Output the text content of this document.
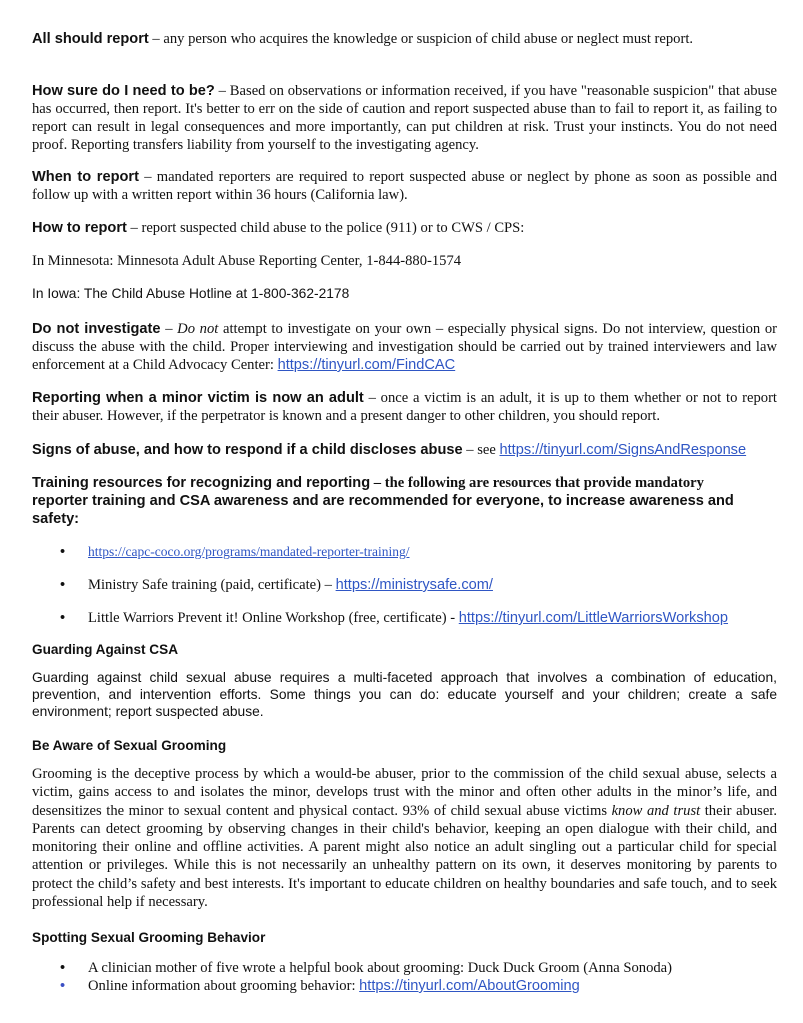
All should report – any person who acquires the knowledge or suspicion of child abuse or neglect must report.

How sure do I need to be? – Based on observations or information received, if you have "reasonable suspicion" that abuse has occurred, then report. It's better to err on the side of caution and report suspected abuse than to fail to report it, as failing to report can result in legal consequences and more importantly, can put children at risk. Trust your instincts. You do not need proof. Reporting transfers liability from yourself to the investigating agency.

When to report – mandated reporters are required to report suspected abuse or neglect by phone as soon as possible and follow up with a written report within 36 hours (California law).

How to report – report suspected child abuse to the police (911) or to CWS / CPS:

In Minnesota: Minnesota Adult Abuse Reporting Center, 1-844-880-1574

In Iowa: The Child Abuse Hotline at 1-800-362-2178

Do not investigate – Do not attempt to investigate on your own – especially physical signs. Do not interview, question or discuss the abuse with the child. Proper interviewing and investigation should be carried out by trained interviewers and law enforcement at a Child Advocacy Center: https://tinyurl.com/FindCAC

Reporting when a minor victim is now an adult – once a victim is an adult, it is up to them whether or not to report their abuser. However, if the perpetrator is known and a present danger to other children, you should report.

Signs of abuse, and how to respond if a child discloses abuse – see https://tinyurl.com/SignsAndResponse

Training resources for recognizing and reporting – the following are resources that provide mandatory
reporter training and CSA awareness and are recommended for everyone, to increase awareness and safety:

• https://capc-coco.org/programs/mandated-reporter-training/
• Ministry Safe training (paid, certificate) – https://ministrysafe.com/
• Little Warriors Prevent it! Online Workshop (free, certificate) - https://tinyurl.com/LittleWarriorsWorkshop
Guarding Against CSA

Guarding against child sexual abuse requires a multi-faceted approach that involves a combination of education, prevention, and intervention efforts. Some things you can do: educate yourself and your children; create a safe environment; report suspected abuse.

Be Aware of Sexual Grooming

Grooming is the deceptive process by which a would-be abuser, prior to the commission of the child sexual abuse, selects a victim, gains access to and isolates the minor, develops trust with the minor and often other adults in the minor’s life, and desensitizes the minor to sexual content and physical contact. 93% of child sexual abuse victims know and trust their abuser. Parents can detect grooming by observing changes in their child's behavior, keeping an open dialogue with their child, and monitoring their online and offline activities. A parent might also notice an adult singling out a particular child for special attention or privileges. While this is not necessarily an unhealthy pattern on its own, it deserves monitoring by parents to protect the child’s safety and best interests. It's important to educate children on healthy boundaries and safe touch, and to seek professional help if necessary.

Spotting Sexual Grooming Behavior
• A clinician mother of five wrote a helpful book about grooming: Duck Duck Groom (Anna Sonoda)
• Online information about grooming behavior: https://tinyurl.com/AboutGrooming
